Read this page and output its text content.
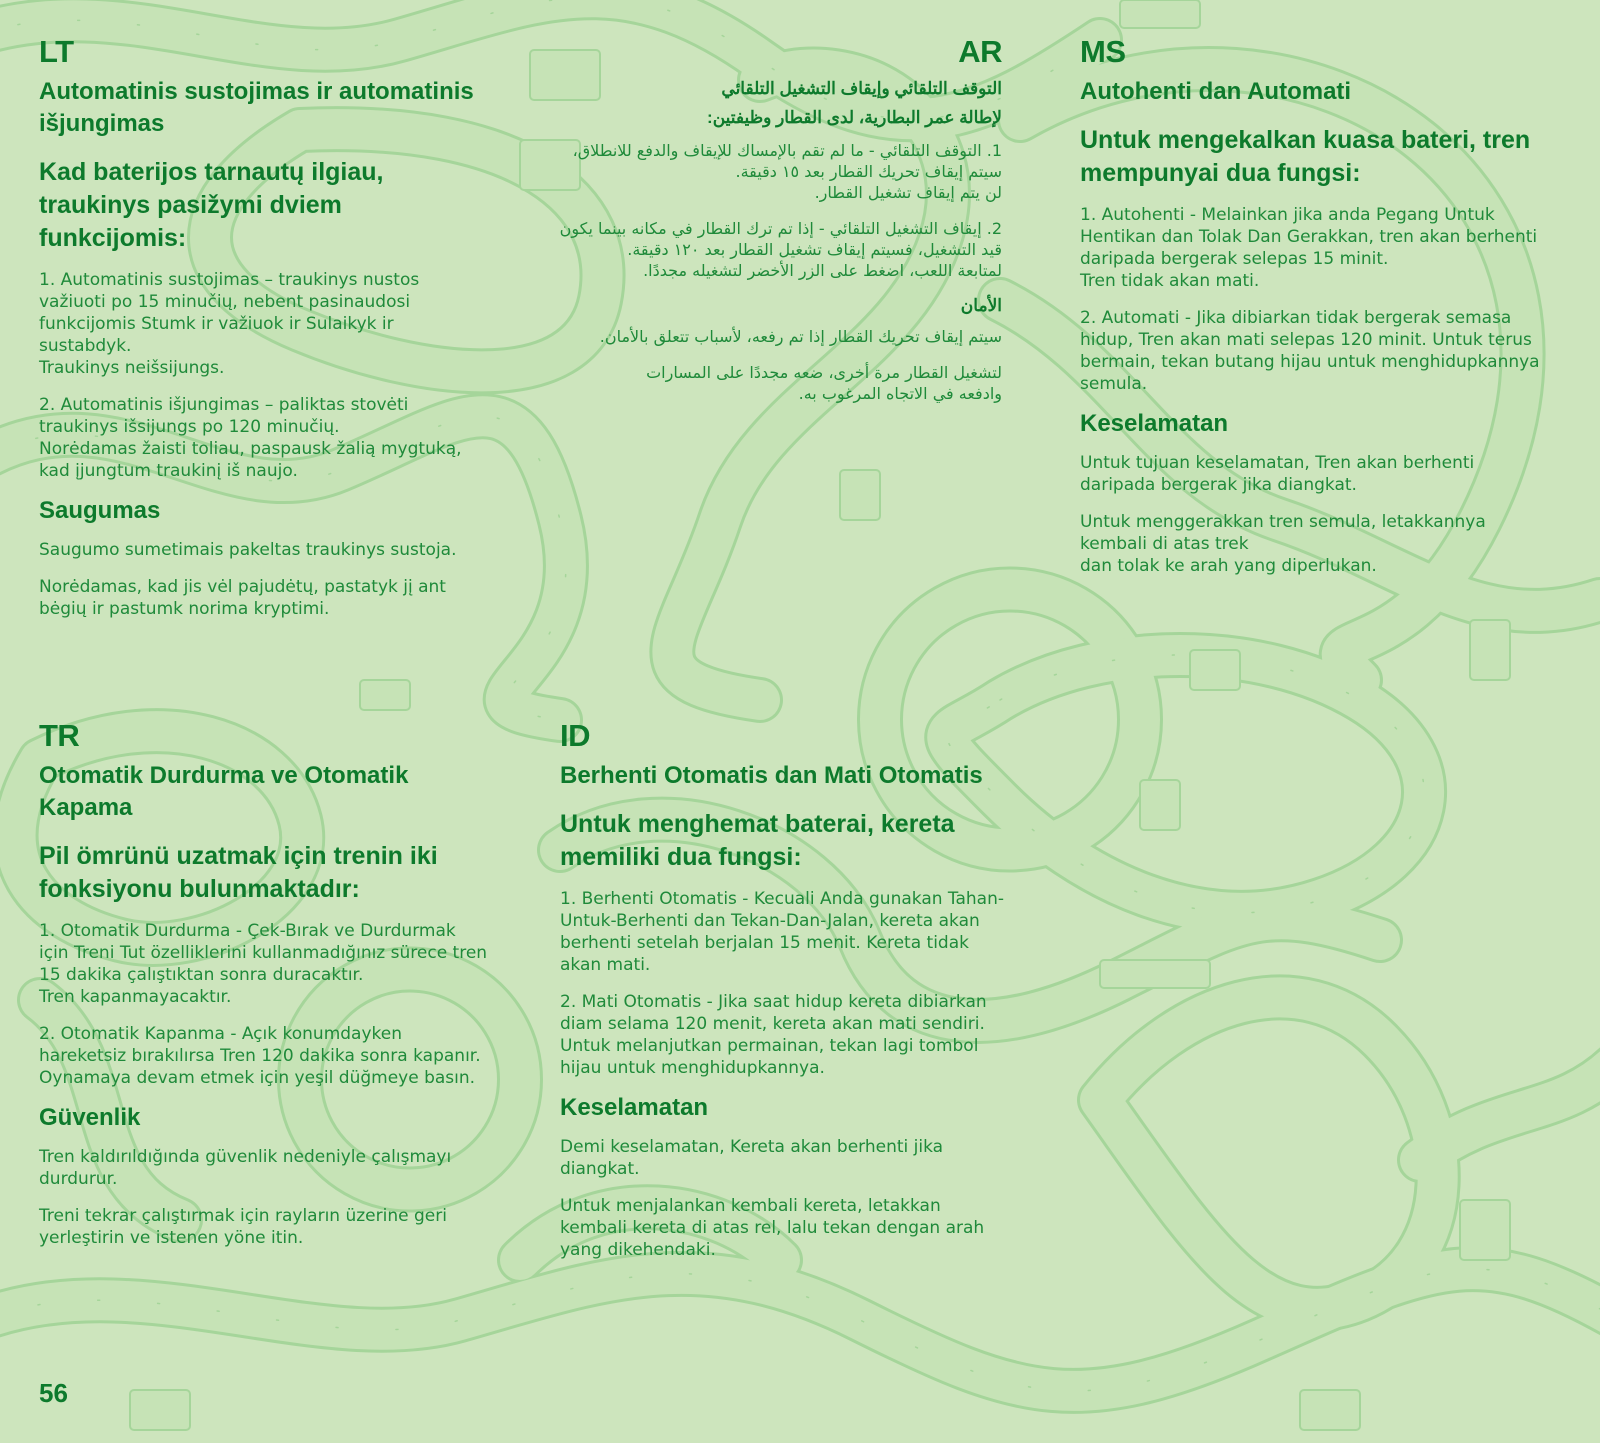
LT
Automatinis sustojimas ir automatinis išjungimas
Kad baterijos tarnautų ilgiau, traukinys pasižymi dviem funkcijomis:

1. Automatinis sustojimas – traukinys nustos važiuoti po 15 minučių, nebent pasinaudosi funkcijomis Stumk ir važiuok ir Sulaikyk ir sustabdyk.
Traukinys neišsijungs.

2. Automatinis išjungimas – paliktas stovėti traukinys išsijungs po 120 minučių.
Norėdamas žaisti toliau, paspausk žalią mygtuką, kad įjungtum traukinį iš naujo.

Saugumas

Saugumo sumetimais pakeltas traukinys sustoja.

Norėdamas, kad jis vėl pajudėtų, pastatyk jį ant bėgių ir pastumk norima kryptimi.

AR
التوقف التلقائي وإيقاف التشغيل التلقائي
لإطالة عمر البطارية، لدى القطار وظيفتين:

1. التوقف التلقائي - ما لم تقم بالإمساك للإيقاف والدفع للانطلاق،
سيتم إيقاف تحريك القطار بعد ١٥ دقيقة.
لن يتم إيقاف تشغيل القطار.

2. إيقاف التشغيل التلقائي - إذا تم ترك القطار في مكانه بينما يكون
قيد التشغيل، فسيتم إيقاف تشغيل القطار بعد ١٢٠ دقيقة.
لمتابعة اللعب، اضغط على الزر الأخضر لتشغيله مجددًا.

الأمان

سيتم إيقاف تحريك القطار إذا تم رفعه، لأسباب تتعلق بالأمان.

لتشغيل القطار مرة أخرى، ضعه مجددًا على المسارات
وادفعه في الاتجاه المرغوب به.

MS
Autohenti dan Automati
Untuk mengekalkan kuasa bateri, tren mempunyai dua fungsi:

1. Autohenti - Melainkan jika anda Pegang Untuk Hentikan dan Tolak Dan Gerakkan, tren akan berhenti daripada bergerak selepas 15 minit.
Tren tidak akan mati.

2. Automati - Jika dibiarkan tidak bergerak semasa hidup, Tren akan mati selepas 120 minit. Untuk terus bermain, tekan butang hijau untuk menghidupkannya semula.

Keselamatan

Untuk tujuan keselamatan, Tren akan berhenti daripada bergerak jika diangkat.

Untuk menggerakkan tren semula, letakkannya kembali di atas trek
dan tolak ke arah yang diperlukan.

TR
Otomatik Durdurma ve Otomatik Kapama
Pil ömrünü uzatmak için trenin iki fonksiyonu bulunmaktadır:

1. Otomatik Durdurma - Çek-Bırak ve Durdurmak için Treni Tut özelliklerini kullanmadığınız sürece tren 15 dakika çalıştıktan sonra duracaktır.
Tren kapanmayacaktır.

2. Otomatik Kapanma - Açık konumdayken hareketsiz bırakılırsa Tren 120 dakika sonra kapanır.
Oynamaya devam etmek için yeşil düğmeye basın.

Güvenlik

Tren kaldırıldığında güvenlik nedeniyle çalışmayı durdurur.

Treni tekrar çalıştırmak için rayların üzerine geri yerleştirin ve istenen yöne itin.

ID
Berhenti Otomatis dan Mati Otomatis
Untuk menghemat baterai, kereta memiliki dua fungsi:

1. Berhenti Otomatis - Kecuali Anda gunakan Tahan-Untuk-Berhenti dan Tekan-Dan-Jalan, kereta akan berhenti setelah berjalan 15 menit. Kereta tidak akan mati.

2. Mati Otomatis - Jika saat hidup kereta dibiarkan diam selama 120 menit, kereta akan mati sendiri.
Untuk melanjutkan permainan, tekan lagi tombol hijau untuk menghidupkannya.

Keselamatan

Demi keselamatan, Kereta akan berhenti jika diangkat.

Untuk menjalankan kembali kereta, letakkan kembali kereta di atas rel, lalu tekan dengan arah yang dikehendaki.

56
